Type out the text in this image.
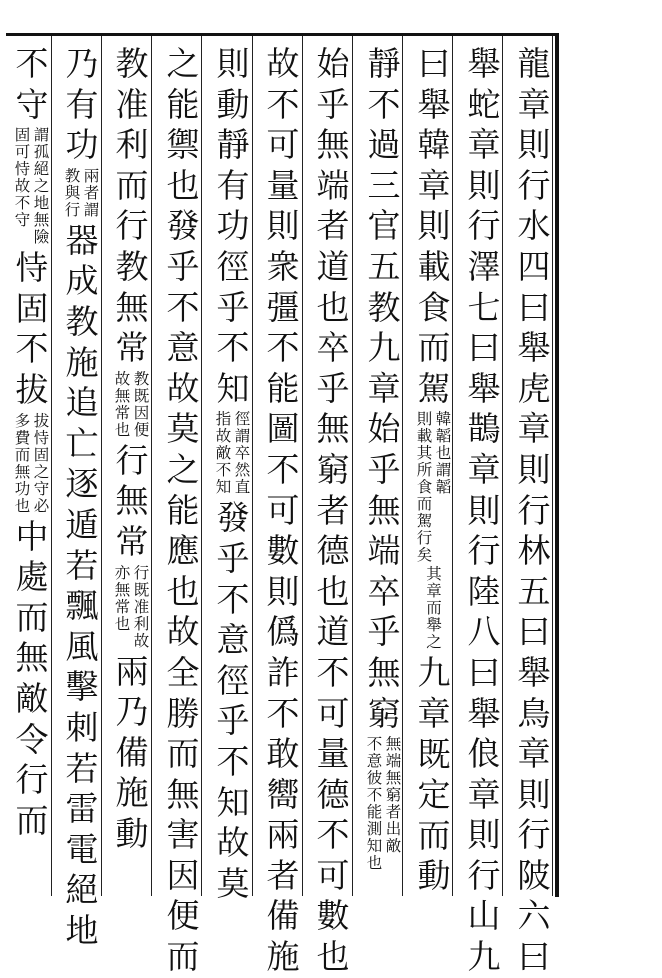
龍
章
則
行
水
四
曰
舉
虎
章
則
行
林
五
曰
舉
鳥
章
則
行
陂
六
曰
舉
蛇
章
則
行
澤
七
曰
舉
鵲
章
則
行
陸
八
曰
舉
俍
章
則
行
山
九
曰
舉
韓
章
則
載
食
而
駕
韓
韜
也
謂
韜
則
載
其
所
食
而
駕
行
矣
其
章
而
舉
之
九
章
既
定
而
動
靜
不
過
三
官
五
教
九
章
始
乎
無
端
卒
乎
無
窮
無
端
無
窮
者
出
敵
不
意
彼
不
能
測
知
也
始
乎
無
端
者
道
也
卒
乎
無
窮
者
德
也
道
不
可
量
德
不
可
數
也
故
不
可
量
則
衆
彊
不
能
圖
不
可
數
則
僞
詐
不
敢
嚮
兩
者
備
施
則
動
靜
有
功
徑
乎
不
知
徑
謂
卒
然
直
指
故
敵
不
知
發
乎
不
意
徑
乎
不
知
故
莫
之
能
禦
也
發
乎
不
意
故
莫
之
能
應
也
故
全
勝
而
無
害
因
便
而
教
准
利
而
行
教
無
常
教
既
因
便
故
無
常
也
行
無
常
行
既
准
利
故
亦
無
常
也
兩
乃
備
施
動
乃
有
功
兩
者
謂
教
與
行
器
成
教
施
追
亡
逐
遁
若
飄
風
擊
刺
若
雷
電
絕
地
不
守
謂
孤
絕
之
地
無
險
固
可
恃
故
不
守
恃
固
不
拔
拔
恃
固
之
守
必
多
費
而
無
功
也
中
處
而
無
敵
令
行
而
